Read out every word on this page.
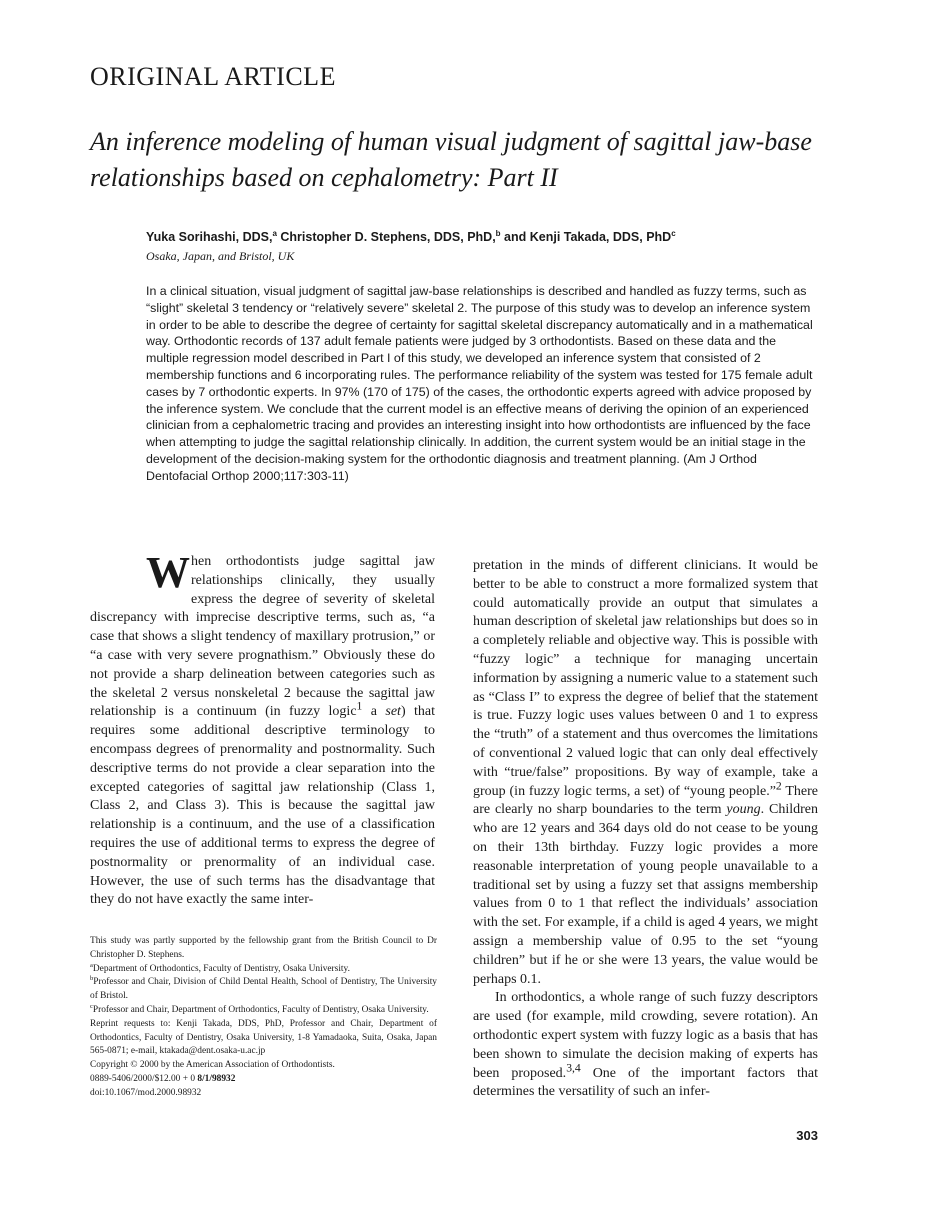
ORIGINAL ARTICLE
An inference modeling of human visual judgment of sagittal jaw-base relationships based on cephalometry: Part II

Yuka Sorihashi, DDS,$^a$ Christopher D. Stephens, DDS, PhD,$^b$ and Kenji Takada, DDS, PhD$^c$

Osaka, Japan, and Bristol, UK

In a clinical situation, visual judgment of sagittal jaw-base relationships is described and handled as fuzzy terms, such as “slight” skeletal 3 tendency or “relatively severe” skeletal 2. The purpose of this study was to develop an inference system in order to be able to describe the degree of certainty for sagittal skeletal discrepancy automatically and in a mathematical way. Orthodontic records of 137 adult female patients were judged by 3 orthodontists. Based on these data and the multiple regression model described in Part I of this study, we developed an inference system that consisted of 2 membership functions and 6 incorporating rules. The performance reliability of the system was tested for 175 female adult cases by 7 orthodontic experts. In 97% (170 of 175) of the cases, the orthodontic experts agreed with advice proposed by the inference system. We conclude that the current model is an effective means of deriving the opinion of an experienced clinician from a cephalometric tracing and provides an interesting insight into how orthodontists are influenced by the face when attempting to judge the sagittal relationship clinically. In addition, the current system would be an initial stage in the development of the decision-making system for the orthodontic diagnosis and treatment planning. (Am J Orthod Dentofacial Orthop 2000;117:303-11)

When orthodontists judge sagittal jaw relationships clinically, they usually express the degree of severity of skeletal discrepancy with imprecise descriptive terms, such as, “a case that shows a slight tendency of maxillary protrusion,” or “a case with very severe prognathism.” Obviously these do not provide a sharp delineation between categories such as the skeletal 2 versus nonskeletal 2 because the sagittal jaw relationship is a continuum (in fuzzy logic$^1$ a set) that requires some additional descriptive terminology to encompass degrees of prenormality and postnormality. Such descriptive terms do not provide a clear separation into the excepted categories of sagittal jaw relationship (Class 1, Class 2, and Class 3). This is because the sagittal jaw relationship is a continuum, and the use of a classification requires the use of additional terms to express the degree of postnormality or prenormality of an individual case. However, the use of such terms has the disadvantage that they do not have exactly the same inter-

This study was partly supported by the fellowship grant from the British Council to Dr Christopher D. Stephens.

$^a$Department of Orthodontics, Faculty of Dentistry, Osaka University.

$^b$Professor and Chair, Division of Child Dental Health, School of Dentistry, The University of Bristol.

$^c$Professor and Chair, Department of Orthodontics, Faculty of Dentistry, Osaka University.

Reprint requests to: Kenji Takada, DDS, PhD, Professor and Chair, Department of Orthodontics, Faculty of Dentistry, Osaka University, 1-8 Yamadaoka, Suita, Osaka, Japan 565-0871; e-mail, ktakada@dent.osaka-u.ac.jp

Copyright © 2000 by the American Association of Orthodontists.

0889-5406/2000/$12.00 + 0 8/1/98932

doi:10.1067/mod.2000.98932

pretation in the minds of different clinicians. It would be better to be able to construct a more formalized system that could automatically provide an output that simulates a human description of skeletal jaw relationships but does so in a completely reliable and objective way. This is possible with “fuzzy logic” a technique for managing uncertain information by assigning a numeric value to a statement such as “Class I” to express the degree of belief that the statement is true. Fuzzy logic uses values between 0 and 1 to express the “truth” of a statement and thus overcomes the limitations of conventional 2 valued logic that can only deal effectively with “true/false” propositions. By way of example, take a group (in fuzzy logic terms, a set) of “young people.”$^2$ There are clearly no sharp boundaries to the term young. Children who are 12 years and 364 days old do not cease to be young on their 13th birthday. Fuzzy logic provides a more reasonable interpretation of young people unavailable to a traditional set by using a fuzzy set that assigns membership values from 0 to 1 that reflect the individuals’ association with the set. For example, if a child is aged 4 years, we might assign a membership value of 0.95 to the set “young children” but if he or she were 13 years, the value would be perhaps 0.1.

In orthodontics, a whole range of such fuzzy descriptors are used (for example, mild crowding, severe rotation). An orthodontic expert system with fuzzy logic as a basis that has been shown to simulate the decision making of experts has been proposed.$^{3,4}$ One of the important factors that determines the versatility of such an infer-

303
